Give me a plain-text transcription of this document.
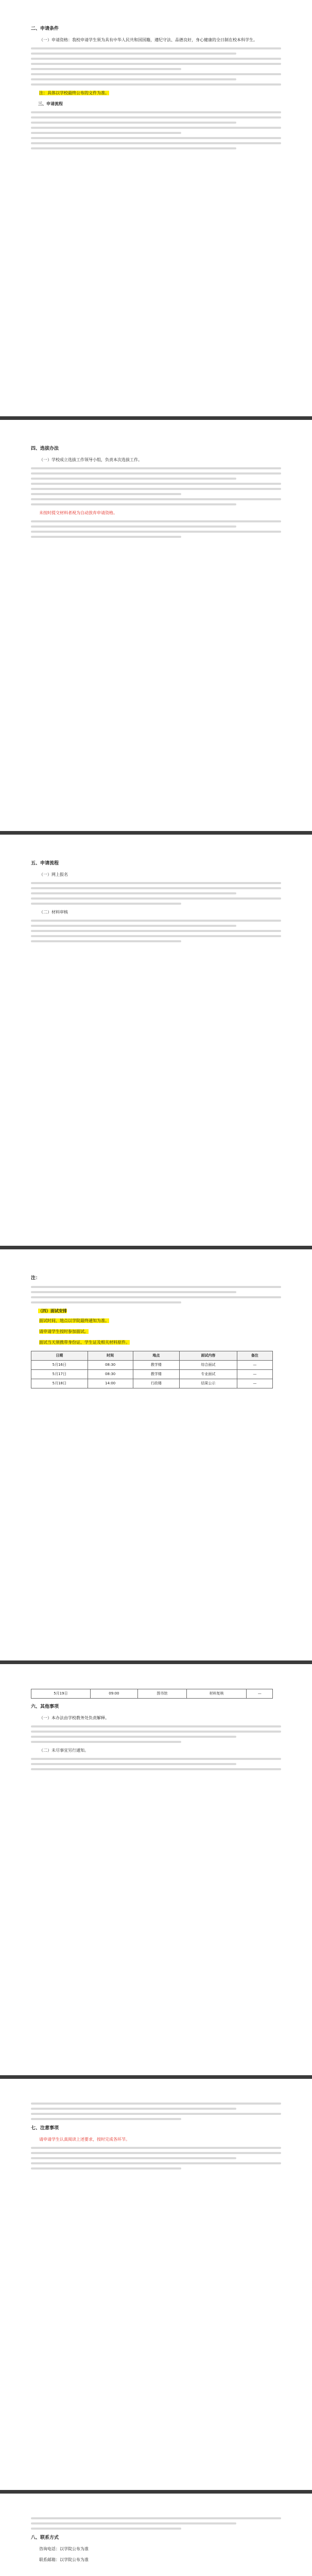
二、申请条件
（一）申请资格：我校申请学生须为具有中华人民共和国国籍，遵纪守法、品德良好，身心健康的全日制在校本科学生。
注：具体以学校最终公布的文件为准。
三、申请流程
四、选拔办法
（一）学校成立选拔工作领导小组，负责本次选拔工作。
未按时提交材料者视为自动放弃申请资格。
五、申请流程
（一）网上报名
（二）材料审核
注：
（四）面试安排
面试时间、地点以学院最终通知为准。
请申请学生按时参加面试。
面试当天须携带身份证、学生证及相关材料原件。
日期	时间	地点	面试内容	备注
5月16日	08:30	教学楼	综合面试	—
5月17日	08:30	教学楼	专业面试	—
5月18日	14:00	行政楼	结果公示	—
5月19日	09:00	图书馆	材料复核	—
六、其他事项
（一）本办法由学校教务处负责解释。
（二）未尽事宜另行通知。
七、注意事项
请申请学生认真阅读上述要求，按时完成各环节。
八、联系方式
咨询电话：以学院公布为准
联系邮箱：以学院公布为准
